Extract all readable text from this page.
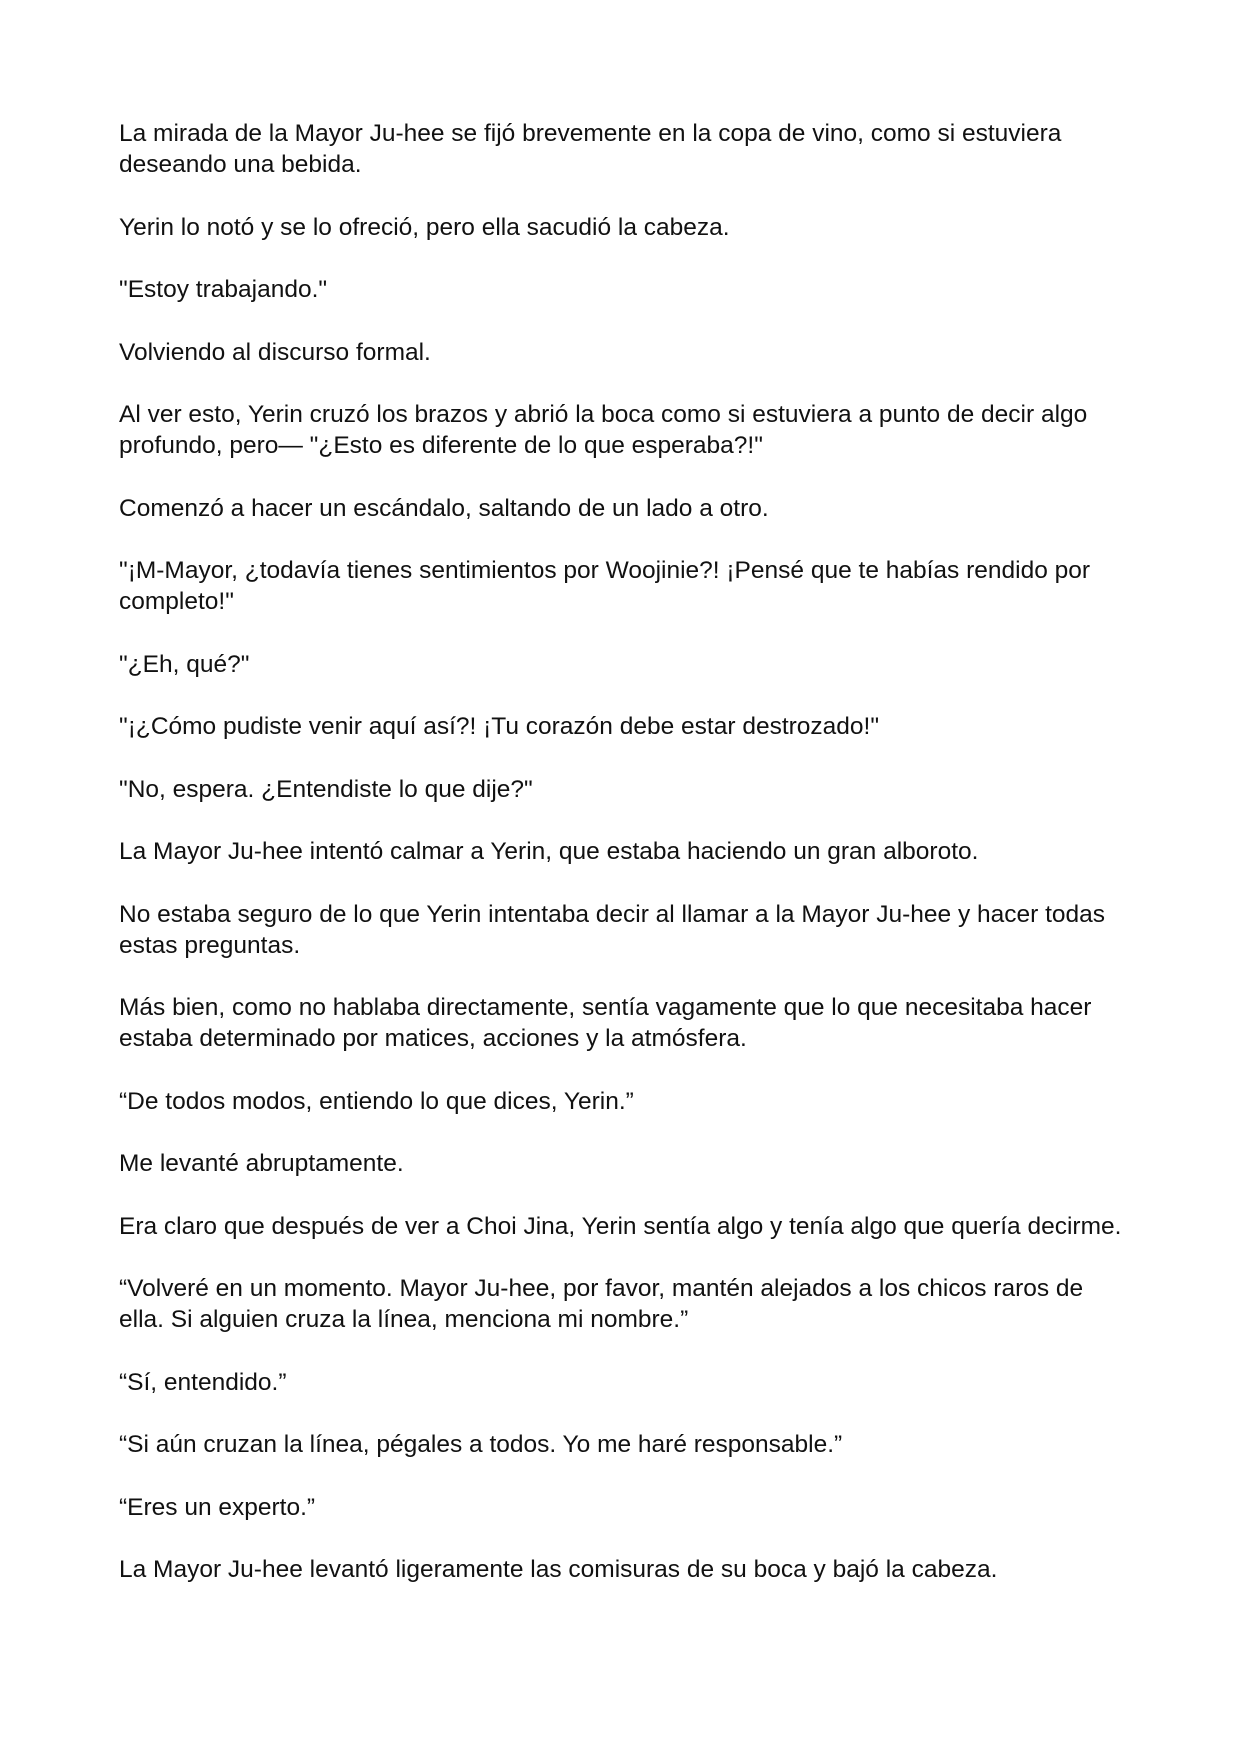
La mirada de la Mayor Ju-hee se fijó brevemente en la copa de vino, como si estuviera deseando una bebida.

Yerin lo notó y se lo ofreció, pero ella sacudió la cabeza.

"Estoy trabajando."

Volviendo al discurso formal.

Al ver esto, Yerin cruzó los brazos y abrió la boca como si estuviera a punto de decir algo profundo, pero— "¿Esto es diferente de lo que esperaba?!"

Comenzó a hacer un escándalo, saltando de un lado a otro.

"¡M-Mayor, ¿todavía tienes sentimientos por Woojinie?! ¡Pensé que te habías rendido por completo!"

"¿Eh, qué?"

"¡¿Cómo pudiste venir aquí así?! ¡Tu corazón debe estar destrozado!"

"No, espera. ¿Entendiste lo que dije?"

La Mayor Ju-hee intentó calmar a Yerin, que estaba haciendo un gran alboroto.

No estaba seguro de lo que Yerin intentaba decir al llamar a la Mayor Ju-hee y hacer todas estas preguntas.

Más bien, como no hablaba directamente, sentía vagamente que lo que necesitaba hacer estaba determinado por matices, acciones y la atmósfera.

“De todos modos, entiendo lo que dices, Yerin.”

Me levanté abruptamente.

Era claro que después de ver a Choi Jina, Yerin sentía algo y tenía algo que quería decirme.

“Volveré en un momento. Mayor Ju-hee, por favor, mantén alejados a los chicos raros de ella. Si alguien cruza la línea, menciona mi nombre.”

“Sí, entendido.”

“Si aún cruzan la línea, pégales a todos. Yo me haré responsable.”

“Eres un experto.”

La Mayor Ju-hee levantó ligeramente las comisuras de su boca y bajó la cabeza.
